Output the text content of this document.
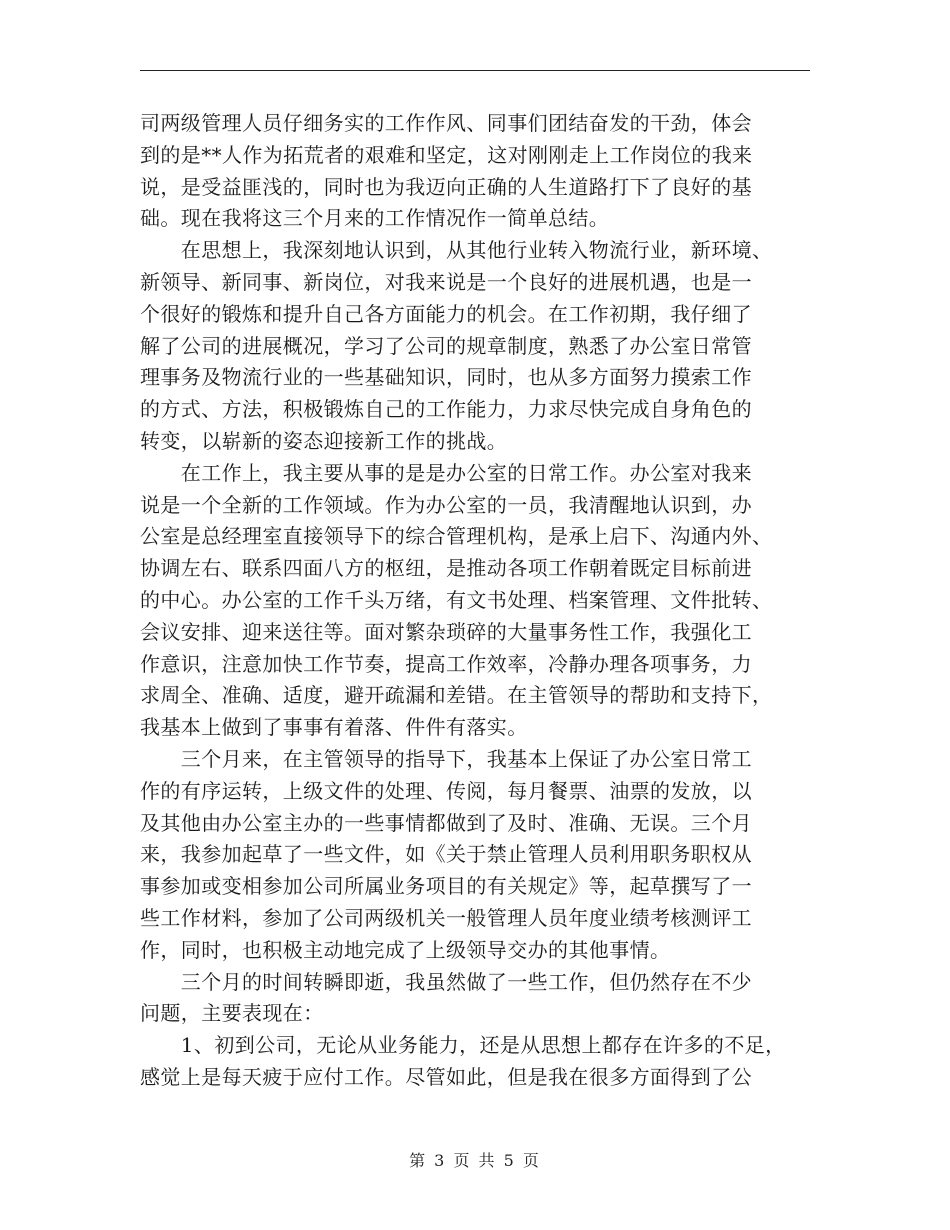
司两级管理人员仔细务实的工作作风、同事们团结奋发的干劲，体会
到的是**人作为拓荒者的艰难和坚定，这对刚刚走上工作岗位的我来
说，是受益匪浅的，同时也为我迈向正确的人生道路打下了良好的基
础。现在我将这三个月来的工作情况作一简单总结。
　　在思想上，我深刻地认识到，从其他行业转入物流行业，新环境、
新领导、新同事、新岗位，对我来说是一个良好的进展机遇，也是一
个很好的锻炼和提升自己各方面能力的机会。在工作初期，我仔细了
解了公司的进展概况，学习了公司的规章制度，熟悉了办公室日常管
理事务及物流行业的一些基础知识，同时，也从多方面努力摸索工作
的方式、方法，积极锻炼自己的工作能力，力求尽快完成自身角色的
转变，以崭新的姿态迎接新工作的挑战。
　　在工作上，我主要从事的是是办公室的日常工作。办公室对我来
说是一个全新的工作领域。作为办公室的一员，我清醒地认识到，办
公室是总经理室直接领导下的综合管理机构，是承上启下、沟通内外、
协调左右、联系四面八方的枢纽，是推动各项工作朝着既定目标前进
的中心。办公室的工作千头万绪，有文书处理、档案管理、文件批转、
会议安排、迎来送往等。面对繁杂琐碎的大量事务性工作，我强化工
作意识，注意加快工作节奏，提高工作效率，冷静办理各项事务，力
求周全、准确、适度，避开疏漏和差错。在主管领导的帮助和支持下，
我基本上做到了事事有着落、件件有落实。
　　三个月来，在主管领导的指导下，我基本上保证了办公室日常工
作的有序运转，上级文件的处理、传阅，每月餐票、油票的发放，以
及其他由办公室主办的一些事情都做到了及时、准确、无误。三个月
来，我参加起草了一些文件，如《关于禁止管理人员利用职务职权从
事参加或变相参加公司所属业务项目的有关规定》等，起草撰写了一
些工作材料，参加了公司两级机关一般管理人员年度业绩考核测评工
作，同时，也积极主动地完成了上级领导交办的其他事情。
　　三个月的时间转瞬即逝，我虽然做了一些工作，但仍然存在不少
问题，主要表现在：
　　1、初到公司，无论从业务能力，还是从思想上都存在许多的不足，
感觉上是每天疲于应付工作。尽管如此，但是我在很多方面得到了公
第 3 页 共 5 页
